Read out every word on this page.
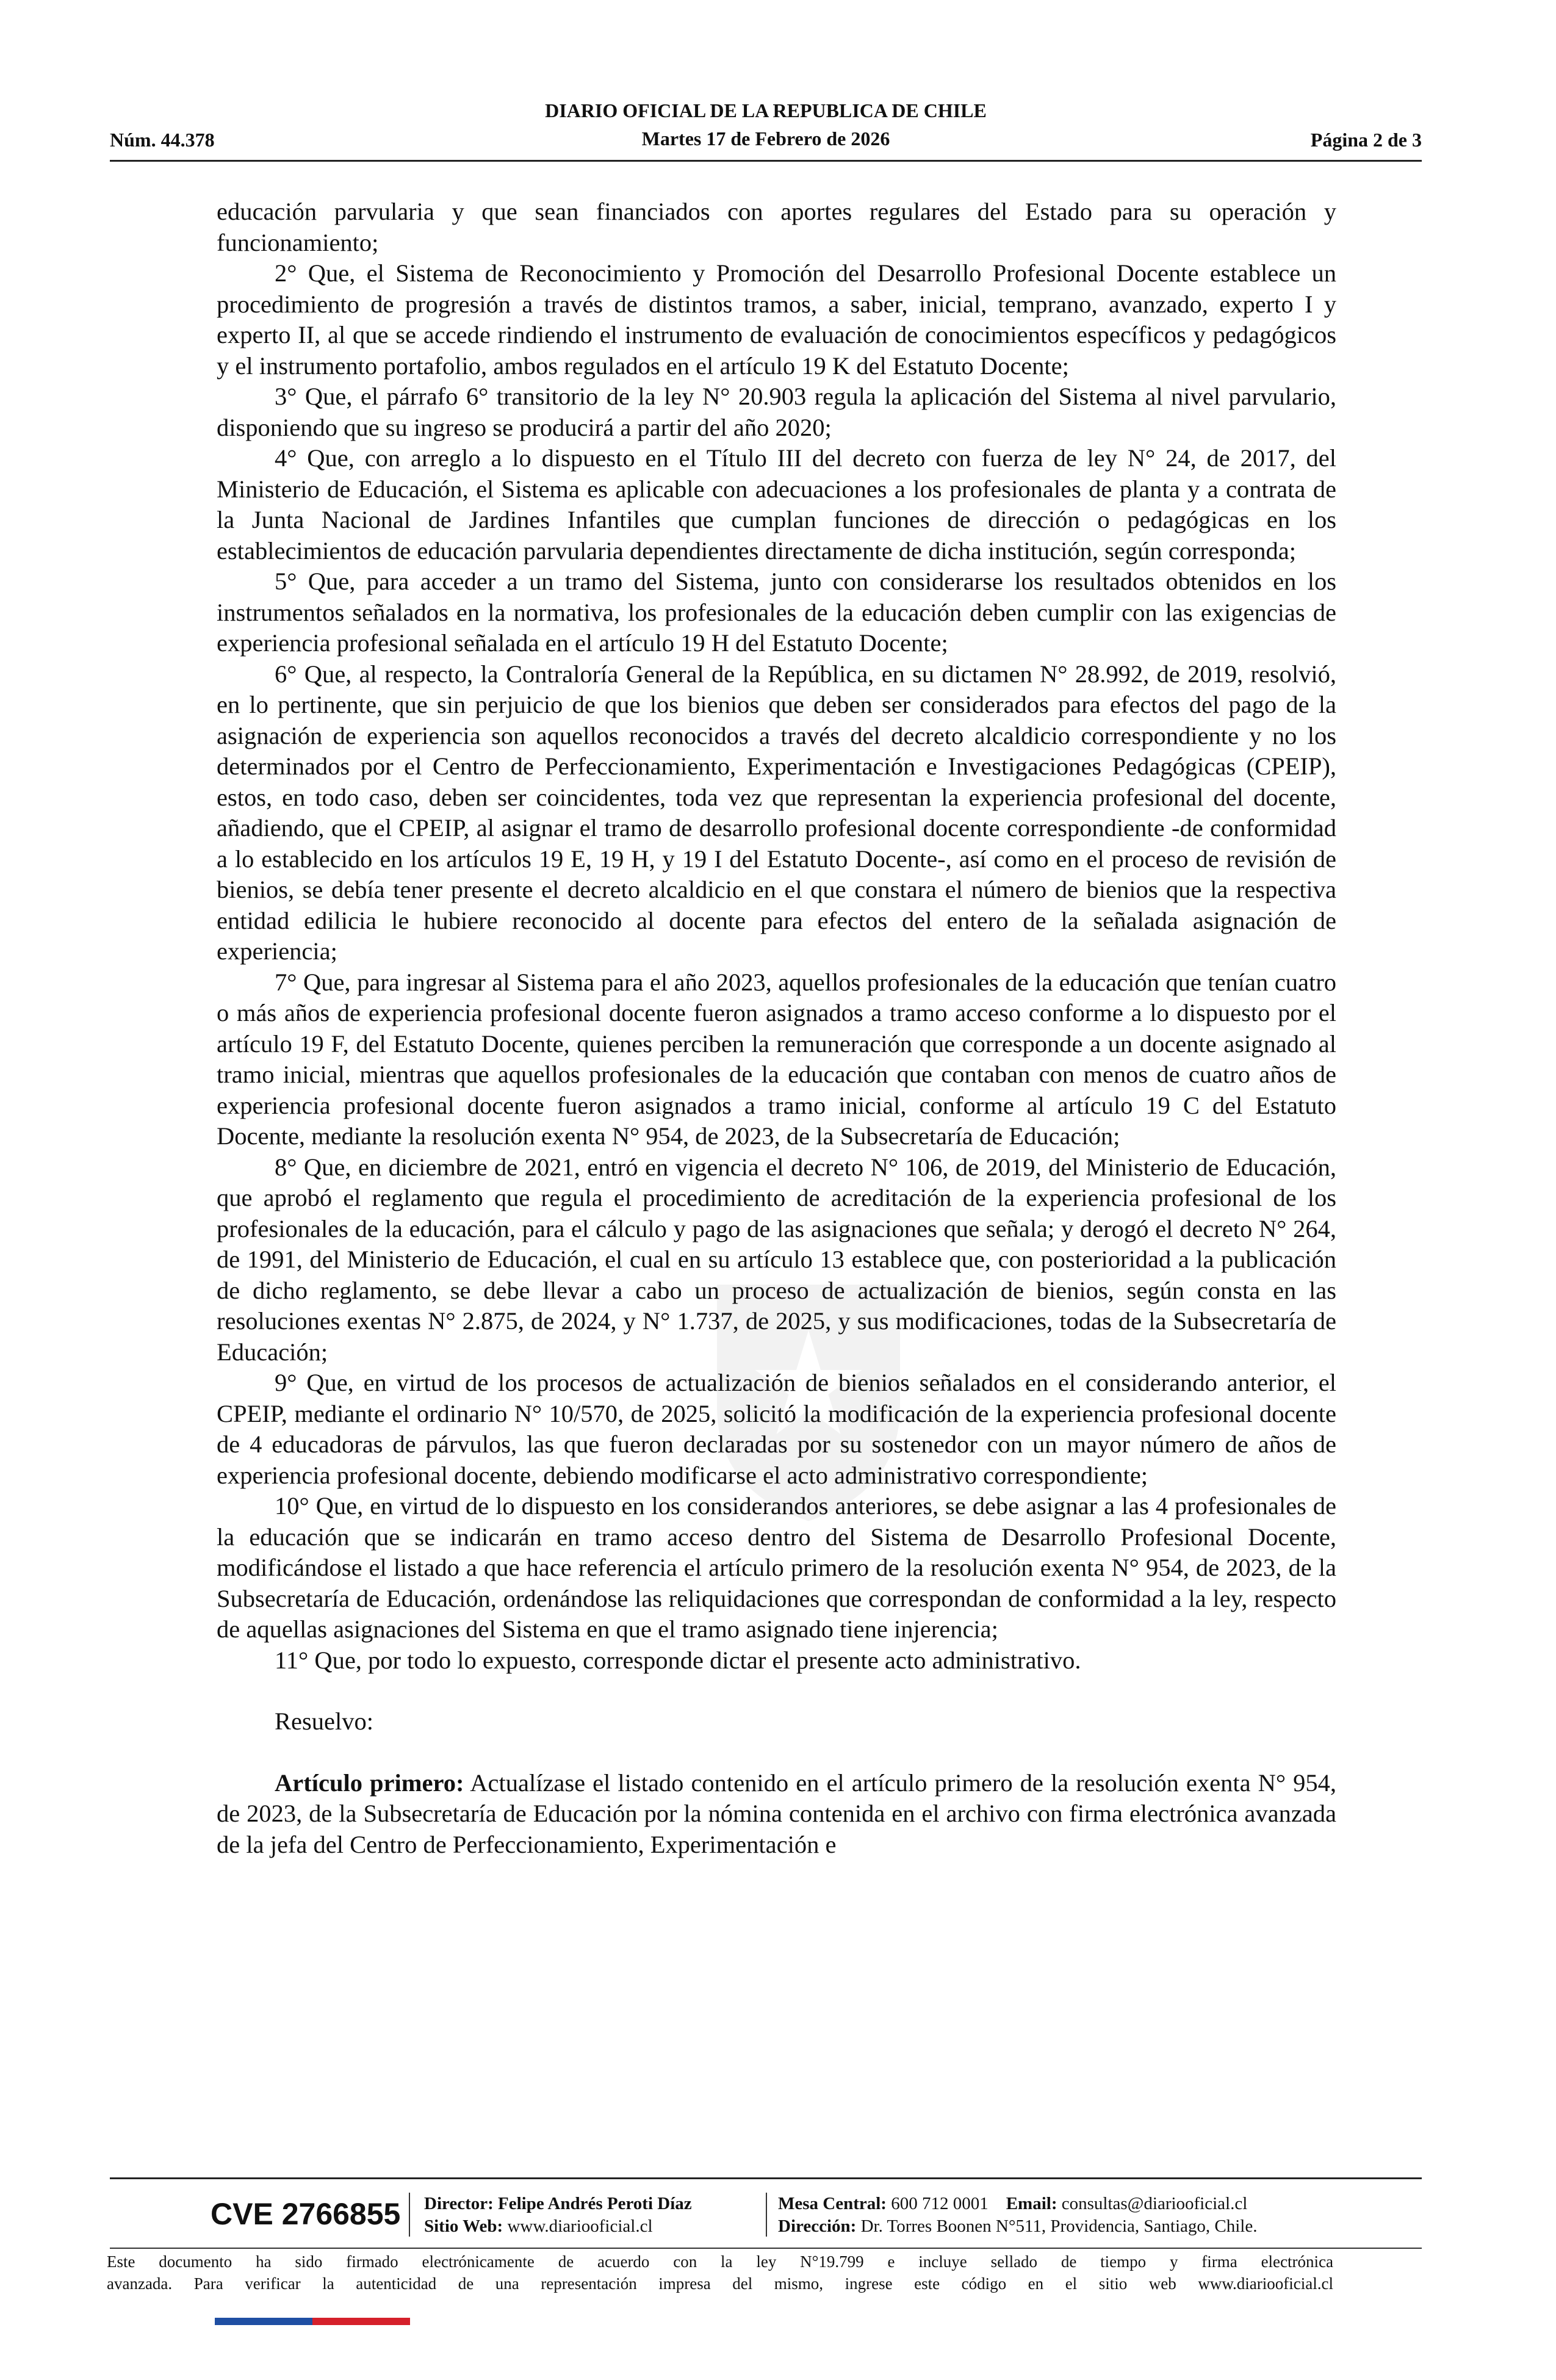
Núm. 44.378
DIARIO OFICIAL DE LA REPUBLICA DE CHILE
Martes 17 de Febrero de 2026	Página 2 de 3

educación parvularia y que sean financiados con aportes regulares del Estado para su operación y funcionamiento;

2° Que, el Sistema de Reconocimiento y Promoción del Desarrollo Profesional Docente establece un procedimiento de progresión a través de distintos tramos, a saber, inicial, temprano, avanzado, experto I y experto II, al que se accede rindiendo el instrumento de evaluación de conocimientos específicos y pedagógicos y el instrumento portafolio, ambos regulados en el artículo 19 K del Estatuto Docente;

3° Que, el párrafo 6° transitorio de la ley N° 20.903 regula la aplicación del Sistema al nivel parvulario, disponiendo que su ingreso se producirá a partir del año 2020;

4° Que, con arreglo a lo dispuesto en el Título III del decreto con fuerza de ley N° 24, de 2017, del Ministerio de Educación, el Sistema es aplicable con adecuaciones a los profesionales de planta y a contrata de la Junta Nacional de Jardines Infantiles que cumplan funciones de dirección o pedagógicas en los establecimientos de educación parvularia dependientes directamente de dicha institución, según corresponda;

5° Que, para acceder a un tramo del Sistema, junto con considerarse los resultados obtenidos en los instrumentos señalados en la normativa, los profesionales de la educación deben cumplir con las exigencias de experiencia profesional señalada en el artículo 19 H del Estatuto Docente;

6° Que, al respecto, la Contraloría General de la República, en su dictamen N° 28.992, de 2019, resolvió, en lo pertinente, que sin perjuicio de que los bienios que deben ser considerados para efectos del pago de la asignación de experiencia son aquellos reconocidos a través del decreto alcaldicio correspondiente y no los determinados por el Centro de Perfeccionamiento, Experimentación e Investigaciones Pedagógicas (CPEIP), estos, en todo caso, deben ser coincidentes, toda vez que representan la experiencia profesional del docente, añadiendo, que el CPEIP, al asignar el tramo de desarrollo profesional docente correspondiente -de conformidad a lo establecido en los artículos 19 E, 19 H, y 19 I del Estatuto Docente-, así como en el proceso de revisión de bienios, se debía tener presente el decreto alcaldicio en el que constara el número de bienios que la respectiva entidad edilicia le hubiere reconocido al docente para efectos del entero de la señalada asignación de experiencia;

7° Que, para ingresar al Sistema para el año 2023, aquellos profesionales de la educación que tenían cuatro o más años de experiencia profesional docente fueron asignados a tramo acceso conforme a lo dispuesto por el artículo 19 F, del Estatuto Docente, quienes perciben la remuneración que corresponde a un docente asignado al tramo inicial, mientras que aquellos profesionales de la educación que contaban con menos de cuatro años de experiencia profesional docente fueron asignados a tramo inicial, conforme al artículo 19 C del Estatuto Docente, mediante la resolución exenta N° 954, de 2023, de la Subsecretaría de Educación;

8° Que, en diciembre de 2021, entró en vigencia el decreto N° 106, de 2019, del Ministerio de Educación, que aprobó el reglamento que regula el procedimiento de acreditación de la experiencia profesional de los profesionales de la educación, para el cálculo y pago de las asignaciones que señala; y derogó el decreto N° 264, de 1991, del Ministerio de Educación, el cual en su artículo 13 establece que, con posterioridad a la publicación de dicho reglamento, se debe llevar a cabo un proceso de actualización de bienios, según consta en las resoluciones exentas N° 2.875, de 2024, y N° 1.737, de 2025, y sus modificaciones, todas de la Subsecretaría de Educación;

9° Que, en virtud de los procesos de actualización de bienios señalados en el considerando anterior, el CPEIP, mediante el ordinario N° 10/570, de 2025, solicitó la modificación de la experiencia profesional docente de 4 educadoras de párvulos, las que fueron declaradas por su sostenedor con un mayor número de años de experiencia profesional docente, debiendo modificarse el acto administrativo correspondiente;

10° Que, en virtud de lo dispuesto en los considerandos anteriores, se debe asignar a las 4 profesionales de la educación que se indicarán en tramo acceso dentro del Sistema de Desarrollo Profesional Docente, modificándose el listado a que hace referencia el artículo primero de la resolución exenta N° 954, de 2023, de la Subsecretaría de Educación, ordenándose las reliquidaciones que correspondan de conformidad a la ley, respecto de aquellas asignaciones del Sistema en que el tramo asignado tiene injerencia;

11° Que, por todo lo expuesto, corresponde dictar el presente acto administrativo.

Resuelvo:

Artículo primero: Actualízase el listado contenido en el artículo primero de la resolución exenta N° 954, de 2023, de la Subsecretaría de Educación por la nómina contenida en el archivo con firma electrónica avanzada de la jefa del Centro de Perfeccionamiento, Experimentación e

CVE 2766855 Director: Felipe Andrés Peroti Díaz
Sitio Web: www.diariooficial.cl
Mesa Central: 600 712 0001 Email: consultas@diariooficial.cl
Dirección: Dr. Torres Boonen N°511, Providencia, Santiago, Chile.
Este documento ha sido firmado electrónicamente de acuerdo con la ley N°19.799 e incluye sellado de tiempo y firma electrónica
avanzada. Para verificar la autenticidad de una representación impresa del mismo, ingrese este código en el sitio web www.diariooficial.cl
